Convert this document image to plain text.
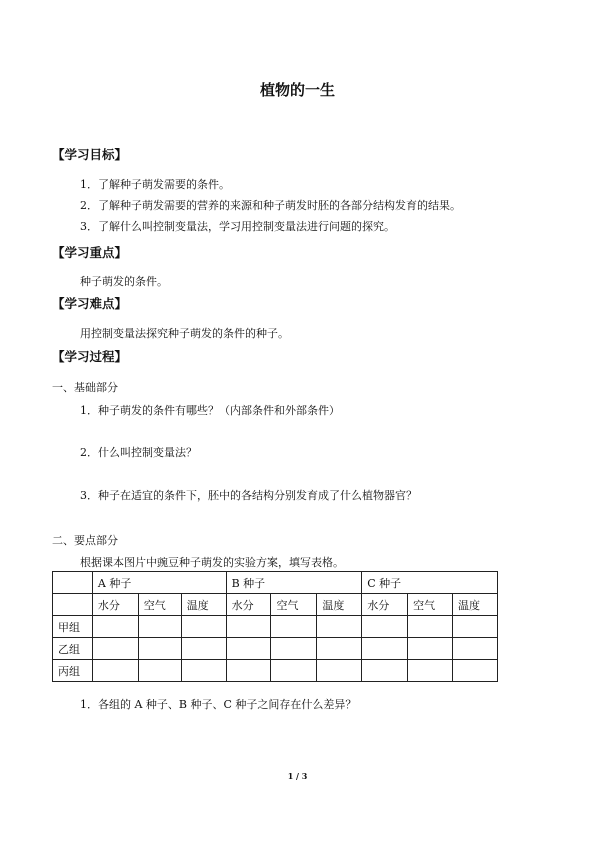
植物的一生
【学习目标】
1．了解种子萌发需要的条件。
2．了解种子萌发需要的营养的来源和种子萌发时胚的各部分结构发育的结果。
3．了解什么叫控制变量法，学习用控制变量法进行问题的探究。
【学习重点】
种子萌发的条件。
【学习难点】
用控制变量法探究种子萌发的条件的种子。
【学习过程】
一、基础部分
1．种子萌发的条件有哪些？（内部条件和外部条件）
2．什么叫控制变量法？
3．种子在适宜的条件下，胚中的各结构分别发育成了什么植物器官？
二、要点部分
根据课本图片中豌豆种子萌发的实验方案，填写表格。
	A 种子			B 种子			C 种子		
	水分	空气	温度	水分	空气	温度	水分	空气	温度
甲组									
乙组									
丙组									
1．各组的 A 种子、B 种子、C 种子之间存在什么差异？
1 / 3
